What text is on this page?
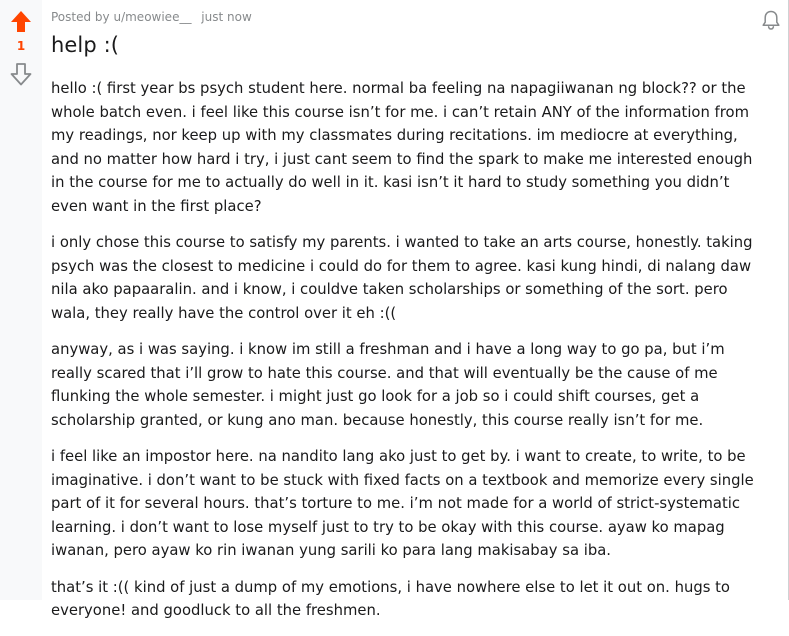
1
Posted by u/meowiee__ just now
help :(

hello :( first year bs psych student here. normal ba feeling na napagiiwanan ng block?? or the whole batch even. i feel like this course isn’t for me. i can’t retain ANY of the information from my readings, nor keep up with my classmates during recitations. im mediocre at everything, and no matter how hard i try, i just cant seem to find the spark to make me interested enough in the course for me to actually do well in it. kasi isn’t it hard to study something you didn’t even want in the first place?

i only chose this course to satisfy my parents. i wanted to take an arts course, honestly. taking psych was the closest to medicine i could do for them to agree. kasi kung hindi, di nalang daw nila ako papaaralin. and i know, i couldve taken scholarships or something of the sort. pero wala, they really have the control over it eh :((

anyway, as i was saying. i know im still a freshman and i have a long way to go pa, but i’m really scared that i’ll grow to hate this course. and that will eventually be the cause of me flunking the whole semester. i might just go look for a job so i could shift courses, get a scholarship granted, or kung ano man. because honestly, this course really isn’t for me.

i feel like an impostor here. na nandito lang ako just to get by. i want to create, to write, to be imaginative. i don’t want to be stuck with fixed facts on a textbook and memorize every single part of it for several hours. that’s torture to me. i’m not made for a world of strict-systematic learning. i don’t want to lose myself just to try to be okay with this course. ayaw ko mapag iwanan, pero ayaw ko rin iwanan yung sarili ko para lang makisabay sa iba.

that’s it :(( kind of just a dump of my emotions, i have nowhere else to let it out on. hugs to everyone! and goodluck to all the freshmen.
